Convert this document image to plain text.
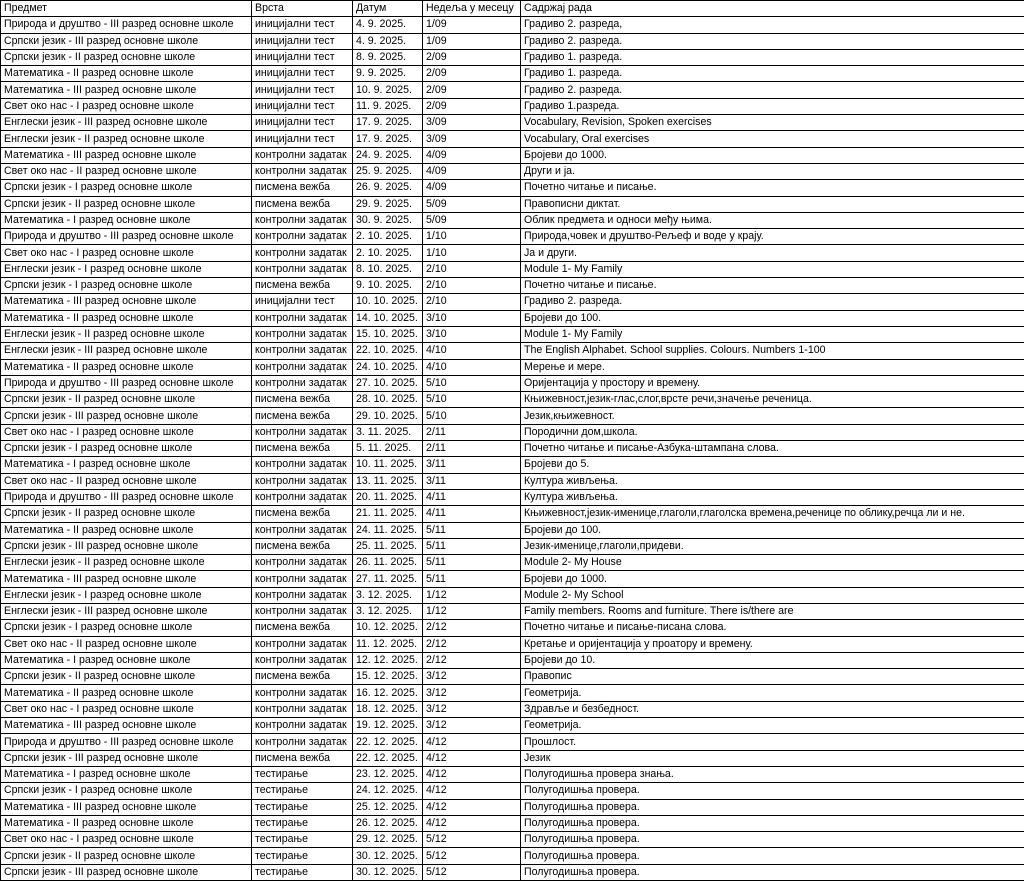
Предмет	Врста	Датум	Недеља у месецу	Садржај рада
Природа и друштво - III разред основне школе	иницијални тест	4. 9. 2025.	1/09	Градиво 2. разреда,
Српски језик - III разред основне школе	иницијални тест	4. 9. 2025.	1/09	Градиво 2. разреда.
Српски језик - II разред основне школе	иницијални тест	8. 9. 2025.	2/09	Градиво 1. разреда.
Математика - II разред основне школе	иницијални тест	9. 9. 2025.	2/09	Градиво 1. разреда.
Математика - III разред основне школе	иницијални тест	10. 9. 2025.	2/09	Градиво 2. разреда.
Свет око нас - I разред основне школе	иницијални тест	11. 9. 2025.	2/09	Градиво 1.разреда.
Енглески језик - III разред основне школе	иницијални тест	17. 9. 2025.	3/09	Vocabulary, Revision, Spoken exercises
Енглески језик - II разред основне школе	иницијални тест	17. 9. 2025.	3/09	Vocabulary, Oral exercises
Математика - III разред основне школе	контролни задатак	24. 9. 2025.	4/09	Бројеви до 1000.
Свет око нас - II разред основне школе	контролни задатак	25. 9. 2025.	4/09	Други и ја.
Српски језик - I разред основне школе	писмена вежба	26. 9. 2025.	4/09	Почетно читање и писање.
Српски језик - II разред основне школе	писмена вежба	29. 9. 2025.	5/09	Правописни диктат.
Математика - I разред основне школе	контролни задатак	30. 9. 2025.	5/09	Облик предмета и односи међу њима.
Природа и друштво - III разред основне школе	контролни задатак	2. 10. 2025.	1/10	Природа,човек и друштво-Рељеф и воде у крају.
Свет око нас - I разред основне школе	контролни задатак	2. 10. 2025.	1/10	Ја и други.
Енглески језик - I разред основне школе	контролни задатак	8. 10. 2025.	2/10	Module 1- My Family
Српски језик - I разред основне школе	писмена вежба	9. 10. 2025.	2/10	Почетно читање и писање.
Математика - III разред основне школе	иницијални тест	10. 10. 2025.	2/10	Градиво 2. разреда.
Математика - II разред основне школе	контролни задатак	14. 10. 2025.	3/10	Бројеви до 100.
Енглески језик - II разред основне школе	контролни задатак	15. 10. 2025.	3/10	Module 1- My Family
Енглески језик - III разред основне школе	контролни задатак	22. 10. 2025.	4/10	The English Alphabet. School supplies. Colours. Numbers 1-100
Математика - II разред основне школе	контролни задатак	24. 10. 2025.	4/10	Мерење и мере.
Природа и друштво - III разред основне школе	контролни задатак	27. 10. 2025.	5/10	Оријентација у простору и времену.
Српски језик - II разред основне школе	писмена вежба	28. 10. 2025.	5/10	Књижевност,језик-глас,слог,врсте речи,значење реченица.
Српски језик - III разред основне школе	писмена вежба	29. 10. 2025.	5/10	Језик,књижевност.
Свет око нас - I разред основне школе	контролни задатак	3. 11. 2025.	2/11	Породични дом,школа.
Српски језик - I разред основне школе	писмена вежба	5. 11. 2025.	2/11	Почетно читање и писање-Азбука-штампана слова.
Математика - I разред основне школе	контролни задатак	10. 11. 2025.	3/11	Бројеви до 5.
Свет око нас - II разред основне школе	контролни задатак	13. 11. 2025.	3/11	Култура живљења.
Природа и друштво - III разред основне школе	контролни задатак	20. 11. 2025.	4/11	Култура живљења.
Српски језик - II разред основне школе	писмена вежба	21. 11. 2025.	4/11	Књижевност,језик-именице,глаголи,глаголска времена,реченице по облику,речца ли и не.
Математика - II разред основне школе	контролни задатак	24. 11. 2025.	5/11	Бројеви до 100.
Српски језик - III разред основне школе	писмена вежба	25. 11. 2025.	5/11	Језик-именице,глаголи,придеви.
Енглески језик - II разред основне школе	контролни задатак	26. 11. 2025.	5/11	Module 2- My House
Математика - III разред основне школе	контролни задатак	27. 11. 2025.	5/11	Бројеви до 1000.
Енглески језик - I разред основне школе	контролни задатак	3. 12. 2025.	1/12	Module 2- My School
Енглески језик - III разред основне школе	контролни задатак	3. 12. 2025.	1/12	Family members. Rooms and furniture. There is/there are
Српски језик - I разред основне школе	писмена вежба	10. 12. 2025.	2/12	Почетно читање и писање-писана слова.
Свет око нас - II разред основне школе	контролни задатак	11. 12. 2025.	2/12	Кретање и оријентација у проатору и времену.
Математика - I разред основне школе	контролни задатак	12. 12. 2025.	2/12	Бројеви до 10.
Српски језик - II разред основне школе	писмена вежба	15. 12. 2025.	3/12	Правопис
Математика - II разред основне школе	контролни задатак	16. 12. 2025.	3/12	Геометрија.
Свет око нас - I разред основне школе	контролни задатак	18. 12. 2025.	3/12	Здравље и безбедност.
Математика - III разред основне школе	контролни задатак	19. 12. 2025.	3/12	Геометрија.
Природа и друштво - III разред основне школе	контролни задатак	22. 12. 2025.	4/12	Прошлост.
Српски језик - III разред основне школе	писмена вежба	22. 12. 2025.	4/12	Језик
Математика - I разред основне школе	тестирање	23. 12. 2025.	4/12	Полугодишња провера знања.
Српски језик - I разред основне школе	тестирање	24. 12. 2025.	4/12	Полугодишња провера.
Математика - III разред основне школе	тестирање	25. 12. 2025.	4/12	Полугодишња провера.
Математика - II разред основне школе	тестирање	26. 12. 2025.	4/12	Полугодишња провера.
Свет око нас - I разред основне школе	тестирање	29. 12. 2025.	5/12	Полугодишња провера.
Српски језик - II разред основне школе	тестирање	30. 12. 2025.	5/12	Полугодишња провера.
Српски језик - III разред основне школе	тестирање	30. 12. 2025.	5/12	Полугодишња провера.
